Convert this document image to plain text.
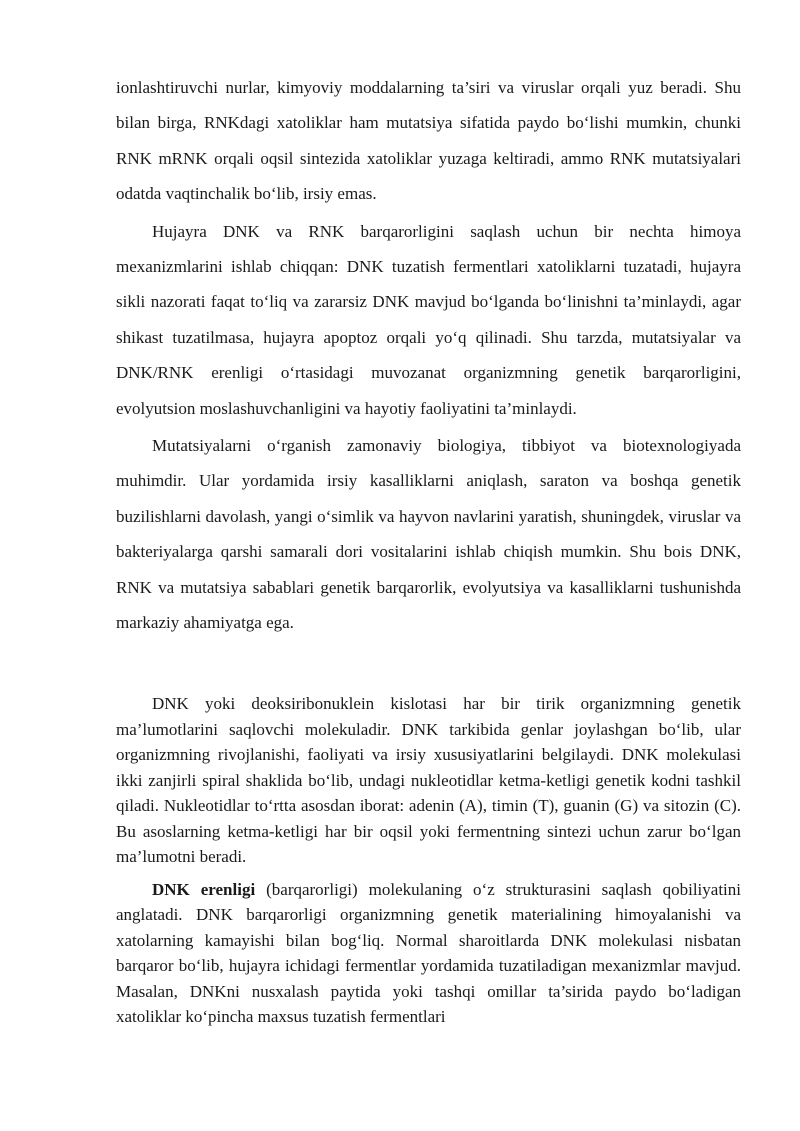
ionlashtiruvchi nurlar, kimyoviy moddalarning ta’siri va viruslar orqali yuz beradi. Shu bilan birga, RNKdagi xatoliklar ham mutatsiya sifatida paydo bo‘lishi mumkin, chunki RNK mRNK orqali oqsil sintezida xatoliklar yuzaga keltiradi, ammo RNK mutatsiyalari odatda vaqtinchalik bo‘lib, irsiy emas.

Hujayra DNK va RNK barqarorligini saqlash uchun bir nechta himoya mexanizmlarini ishlab chiqqan: DNK tuzatish fermentlari xatoliklarni tuzatadi, hujayra sikli nazorati faqat to‘liq va zararsiz DNK mavjud bo‘lganda bo‘linishni ta’minlaydi, agar shikast tuzatilmasa, hujayra apoptoz orqali yo‘q qilinadi. Shu tarzda, mutatsiyalar va DNK/RNK erenligi o‘rtasidagi muvozanat organizmning genetik barqarorligini, evolyutsion moslashuvchanligini va hayotiy faoliyatini ta’minlaydi.

Mutatsiyalarni o‘rganish zamonaviy biologiya, tibbiyot va biotexnologiyada muhimdir. Ular yordamida irsiy kasalliklarni aniqlash, saraton va boshqa genetik buzilishlarni davolash, yangi o‘simlik va hayvon navlarini yaratish, shuningdek, viruslar va bakteriyalarga qarshi samarali dori vositalarini ishlab chiqish mumkin. Shu bois DNK, RNK va mutatsiya sabablari genetik barqarorlik, evolyutsiya va kasalliklarni tushunishda markaziy ahamiyatga ega.

DNK yoki deoksiribonuklein kislotasi har bir tirik organizmning genetik ma’lumotlarini saqlovchi molekuladir. DNK tarkibida genlar joylashgan bo‘lib, ular organizmning rivojlanishi, faoliyati va irsiy xususiyatlarini belgilaydi. DNK molekulasi ikki zanjirli spiral shaklida bo‘lib, undagi nukleotidlar ketma-ketligi genetik kodni tashkil qiladi. Nukleotidlar to‘rtta asosdan iborat: adenin (A), timin (T), guanin (G) va sitozin (C). Bu asoslarning ketma-ketligi har bir oqsil yoki fermentning sintezi uchun zarur bo‘lgan ma’lumotni beradi.

DNK erenligi (barqarorligi) molekulaning o‘z strukturasini saqlash qobiliyatini anglatadi. DNK barqarorligi organizmning genetik materialining himoyalanishi va xatolarning kamayishi bilan bog‘liq. Normal sharoitlarda DNK molekulasi nisbatan barqaror bo‘lib, hujayra ichidagi fermentlar yordamida tuzatiladigan mexanizmlar mavjud. Masalan, DNKni nusxalash paytida yoki tashqi omillar ta’sirida paydo bo‘ladigan xatoliklar ko‘pincha maxsus tuzatish fermentlari
